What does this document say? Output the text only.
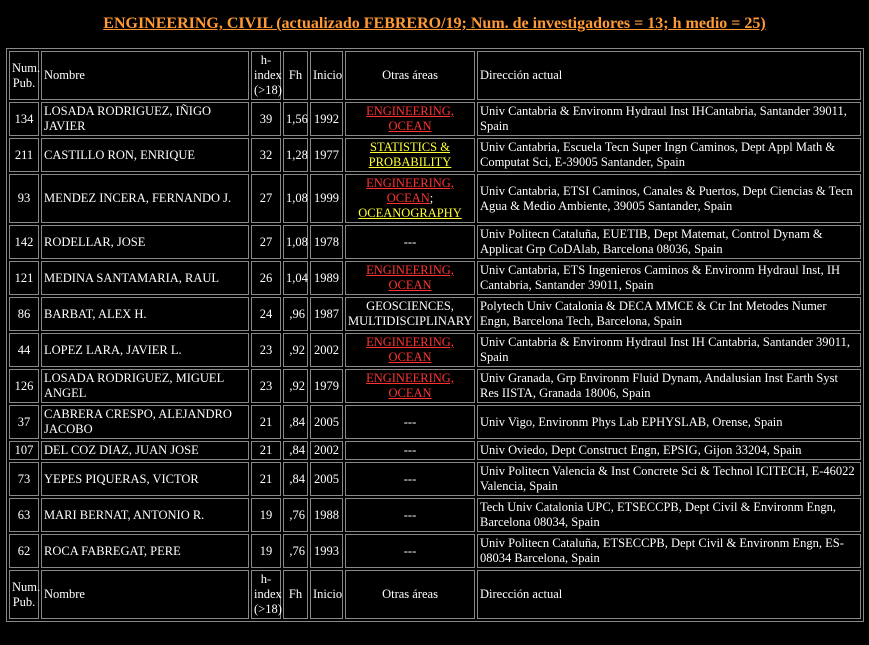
ENGINEERING, CIVIL (actualizado FEBRERO/19; Num. de investigadores = 13; h medio = 25)
Num. Pub.	Nombre	h-index (>18)	Fh	Inicio	Otras áreas	Dirección actual
134	LOSADA RODRIGUEZ, IÑIGO JAVIER	39	1,56	1992	ENGINEERING, OCEAN	Univ Cantabria & Environm Hydraul Inst IHCantabria, Santander 39011, Spain
211	CASTILLO RON, ENRIQUE	32	1,28	1977	STATISTICS & PROBABILITY	Univ Cantabria, Escuela Tecn Super Ingn Caminos, Dept Appl Math & Computat Sci, E-39005 Santander, Spain
93	MENDEZ INCERA, FERNANDO J.	27	1,08	1999	ENGINEERING, OCEAN; OCEANOGRAPHY	Univ Cantabria, ETSI Caminos, Canales & Puertos, Dept Ciencias & Tecn Agua & Medio Ambiente, 39005 Santander, Spain
142	RODELLAR, JOSE	27	1,08	1978	---	Univ Politecn Cataluña, EUETIB, Dept Matemat, Control Dynam & Applicat Grp CoDAlab, Barcelona 08036, Spain
121	MEDINA SANTAMARIA, RAUL	26	1,04	1989	ENGINEERING, OCEAN	Univ Cantabria, ETS Ingenieros Caminos & Environm Hydraul Inst, IH Cantabria, Santander 39011, Spain
86	BARBAT, ALEX H.	24	,96	1987	GEOSCIENCES, MULTIDISCIPLINARY	Polytech Univ Catalonia & DECA MMCE & Ctr Int Metodes Numer Engn, Barcelona Tech, Barcelona, Spain
44	LOPEZ LARA, JAVIER L.	23	,92	2002	ENGINEERING, OCEAN	Univ Cantabria & Environm Hydraul Inst IH Cantabria, Santander 39011, Spain
126	LOSADA RODRIGUEZ, MIGUEL ANGEL	23	,92	1979	ENGINEERING, OCEAN	Univ Granada, Grp Environm Fluid Dynam, Andalusian Inst Earth Syst Res IISTA, Granada 18006, Spain
37	CABRERA CRESPO, ALEJANDRO JACOBO	21	,84	2005	---	Univ Vigo, Environm Phys Lab EPHYSLAB, Orense, Spain
107	DEL COZ DIAZ, JUAN JOSE	21	,84	2002	---	Univ Oviedo, Dept Construct Engn, EPSIG, Gijon 33204, Spain
73	YEPES PIQUERAS, VICTOR	21	,84	2005	---	Univ Politecn Valencia & Inst Concrete Sci & Technol ICITECH, E-46022 Valencia, Spain
63	MARI BERNAT, ANTONIO R.	19	,76	1988	---	Tech Univ Catalonia UPC, ETSECCPB, Dept Civil & Environm Engn, Barcelona 08034, Spain
62	ROCA FABREGAT, PERE	19	,76	1993	---	Univ Politecn Cataluña, ETSECCPB, Dept Civil & Environm Engn, ES-08034 Barcelona, Spain
Num. Pub.	Nombre	h-index (>18)	Fh	Inicio	Otras áreas	Dirección actual
